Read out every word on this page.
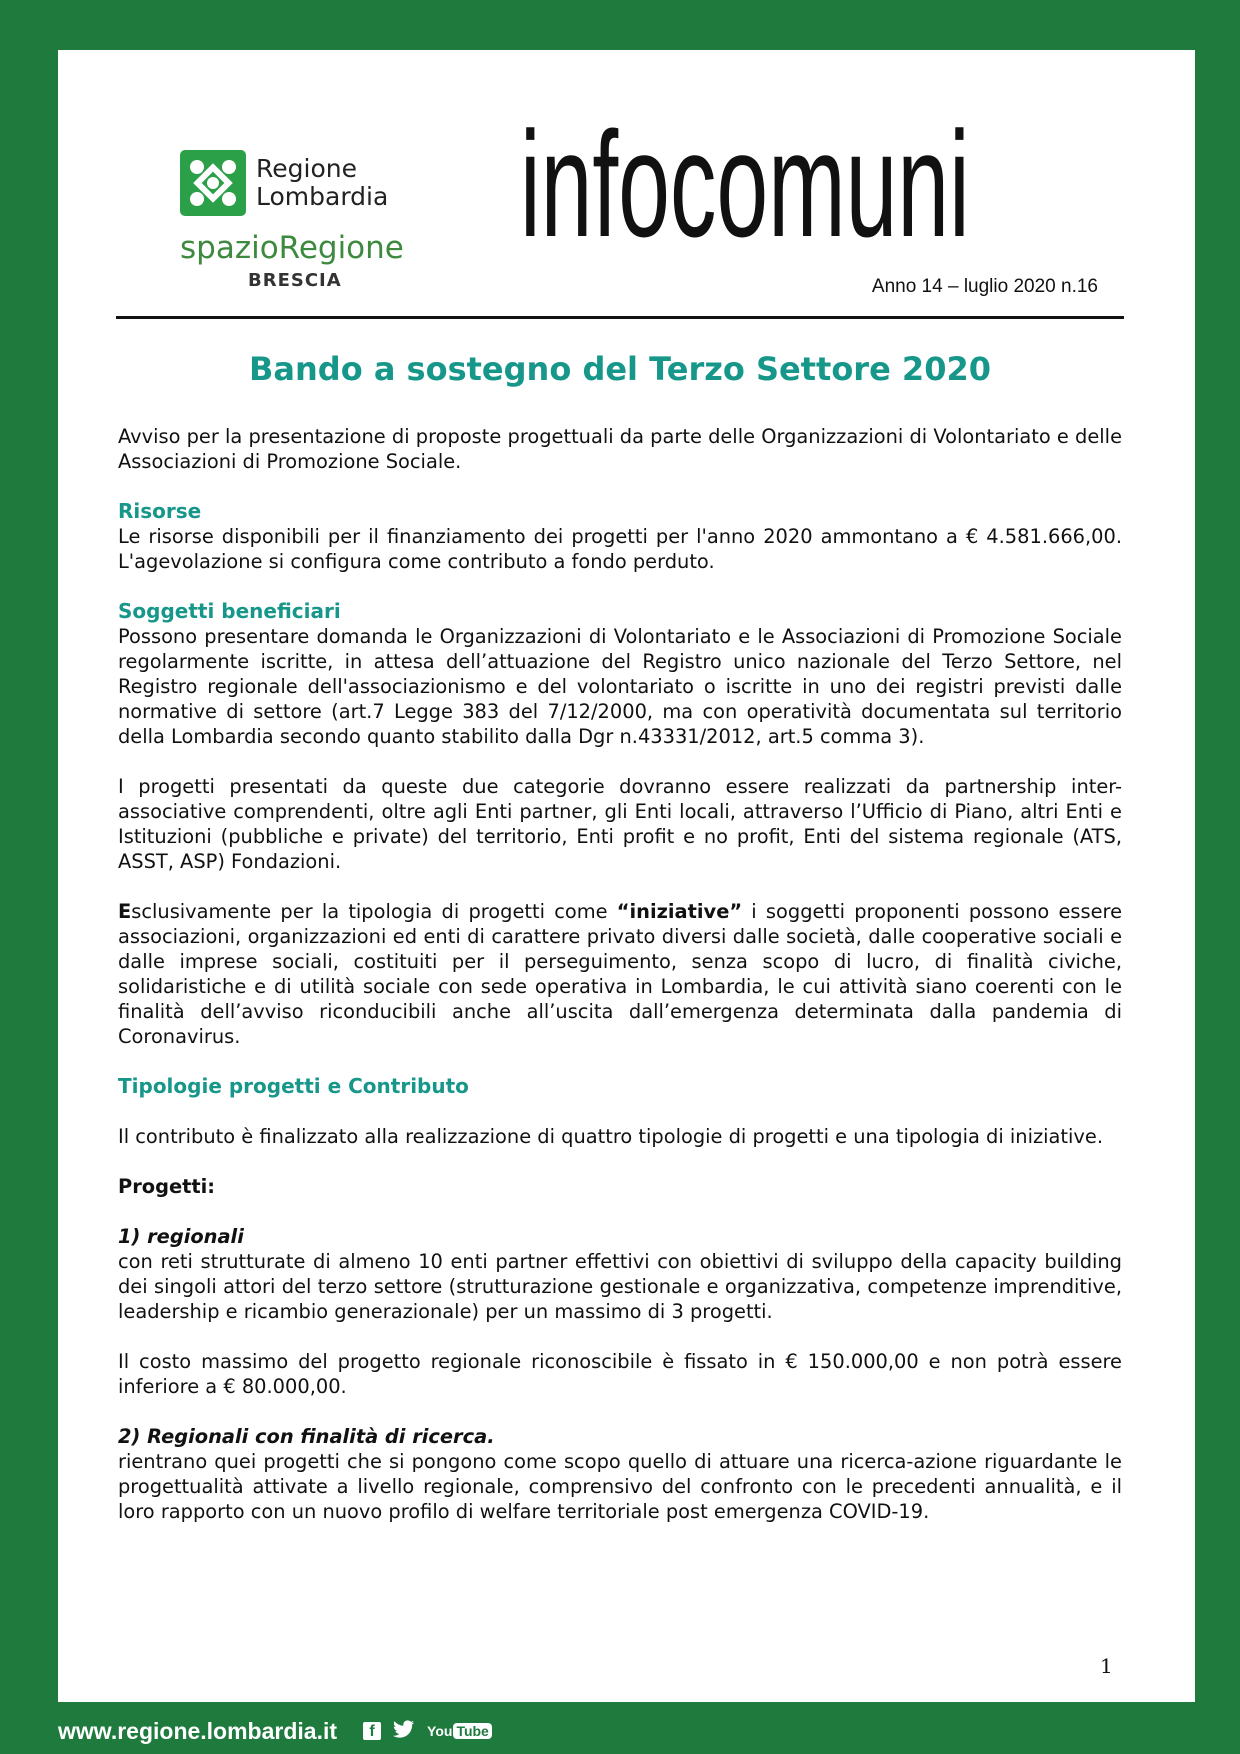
Regione
Lombardia
spazioRegione
BRESCIA
infocomuni
Anno 14 – luglio 2020 n.16
Bando a sostegno del Terzo Settore 2020

Avviso per la presentazione di proposte progettuali da parte delle Organizzazioni di Volontariato e delle Associazioni di Promozione Sociale.

Risorse

Le risorse disponibili per il finanziamento dei progetti per l'anno 2020 ammontano a € 4.581.666,00. L'agevolazione si configura come contributo a fondo perduto.

Soggetti beneficiari

Possono presentare domanda le Organizzazioni di Volontariato e le Associazioni di Promozione Sociale regolarmente iscritte, in attesa dell’attuazione del Registro unico nazionale del Terzo Settore, nel Registro regionale dell'associazionismo e del volontariato o iscritte in uno dei registri previsti dalle normative di settore (art.7 Legge 383 del 7/12/2000, ma con operatività documentata sul territorio della Lombardia secondo quanto stabilito dalla Dgr n.43331/2012, art.5 comma 3).

I progetti presentati da queste due categorie dovranno essere realizzati da partnership inter-associative comprendenti, oltre agli Enti partner, gli Enti locali, attraverso l’Ufficio di Piano, altri Enti e Istituzioni (pubbliche e private) del territorio, Enti profit e no profit, Enti del sistema regionale (ATS, ASST, ASP) Fondazioni.

Esclusivamente per la tipologia di progetti come “iniziative” i soggetti proponenti possono essere associazioni, organizzazioni ed enti di carattere privato diversi dalle società, dalle cooperative sociali e dalle imprese sociali, costituiti per il perseguimento, senza scopo di lucro, di finalità civiche, solidaristiche e di utilità sociale con sede operativa in Lombardia, le cui attività siano coerenti con le finalità dell’avviso riconducibili anche all’uscita dall’emergenza determinata dalla pandemia di Coronavirus.

Tipologie progetti e Contributo

Il contributo è finalizzato alla realizzazione di quattro tipologie di progetti e una tipologia di iniziative.

Progetti:

1) regionali

con reti strutturate di almeno 10 enti partner effettivi con obiettivi di sviluppo della capacity building dei singoli attori del terzo settore (strutturazione gestionale e organizzativa, competenze imprenditive, leadership e ricambio generazionale) per un massimo di 3 progetti.

Il costo massimo del progetto regionale riconoscibile è fissato in € 150.000,00 e non potrà essere inferiore a € 80.000,00.

2) Regionali con finalità di ricerca.

rientrano quei progetti che si pongono come scopo quello di attuare una ricerca-azione riguardante le progettualità attivate a livello regionale, comprensivo del confronto con le precedenti annualità, e il loro rapporto con un nuovo profilo di welfare territoriale post emergenza COVID-19.

1
www.regione.lombardia.it	f	You Tube
